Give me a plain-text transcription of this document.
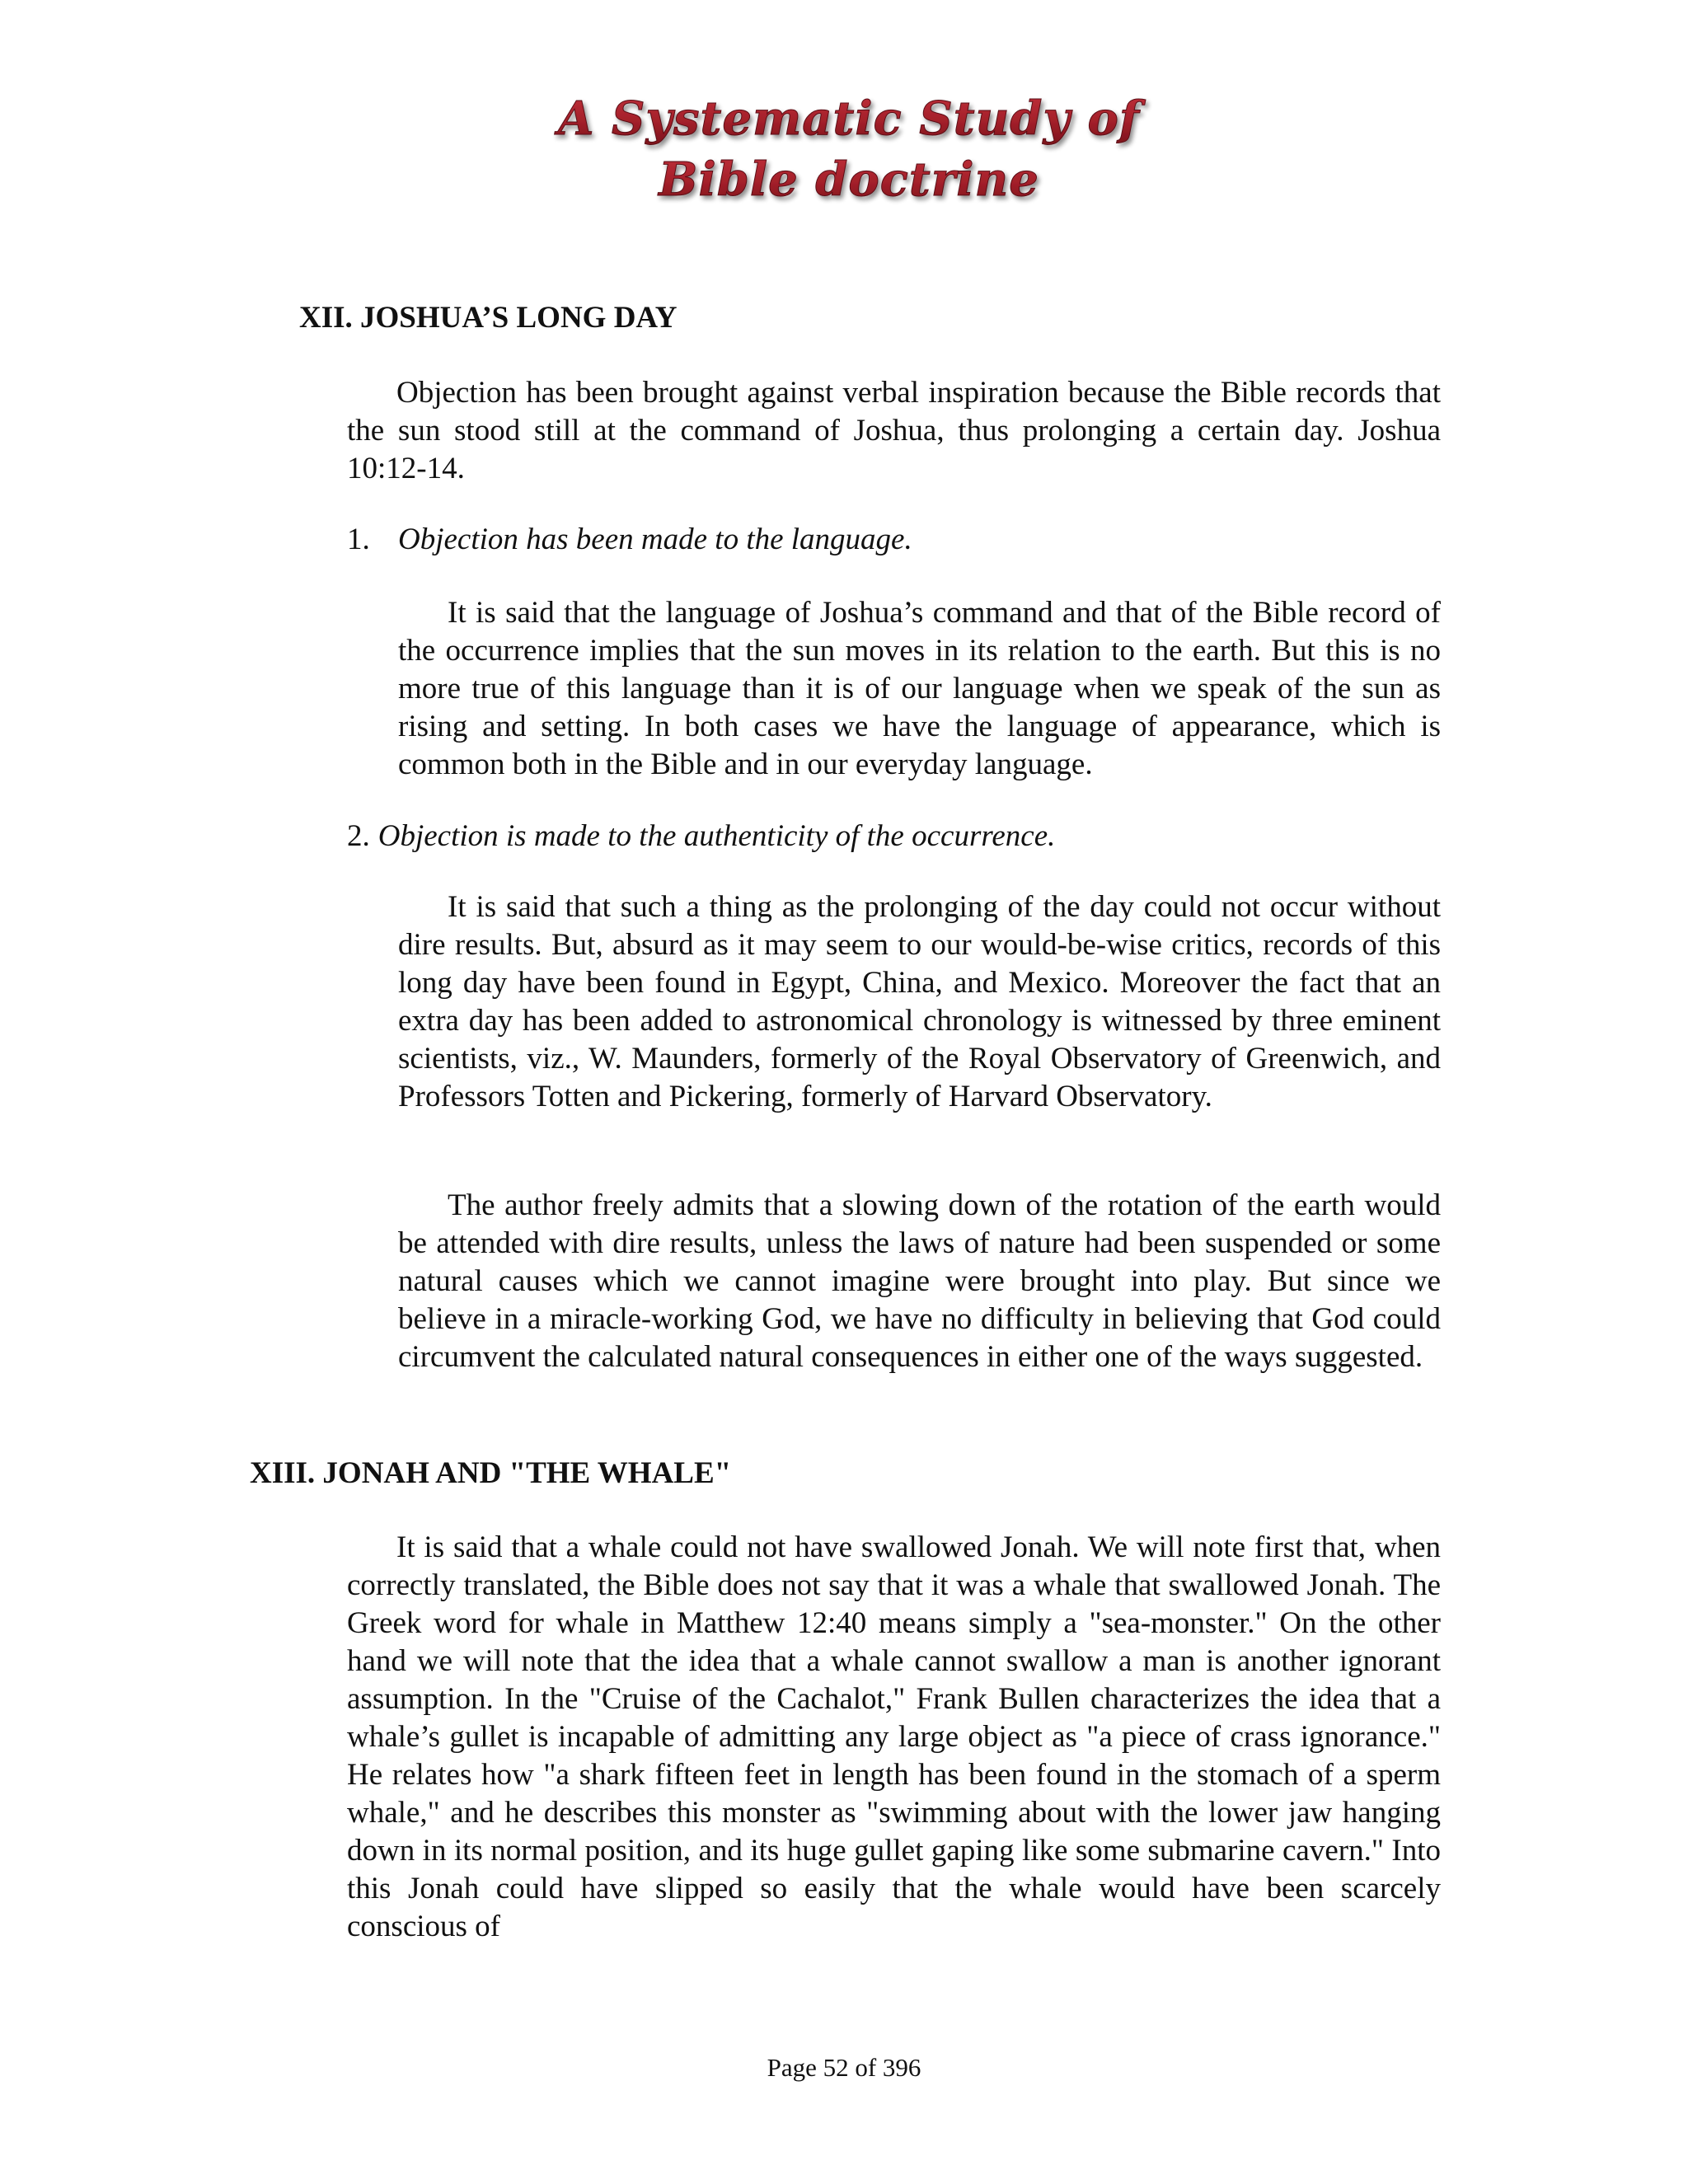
A Systematic Study of
Bible doctrine
XII. JOSHUA’S LONG DAY

Objection has been brought against verbal inspiration because the Bible records that the sun stood still at the command of Joshua, thus prolonging a certain day. Joshua 10:12-14.

1. Objection has been made to the language.

It is said that the language of Joshua’s command and that of the Bible record of the occurrence implies that the sun moves in its relation to the earth. But this is no more true of this language than it is of our language when we speak of the sun as rising and setting. In both cases we have the language of appearance, which is common both in the Bible and in our everyday language.

2. Objection is made to the authenticity of the occurrence.

It is said that such a thing as the prolonging of the day could not occur without dire results. But, absurd as it may seem to our would-be-wise critics, records of this long day have been found in Egypt, China, and Mexico. Moreover the fact that an extra day has been added to astronomical chronology is witnessed by three eminent scientists, viz., W. Maunders, formerly of the Royal Observatory of Greenwich, and Professors Totten and Pickering, formerly of Harvard Observatory.

The author freely admits that a slowing down of the rotation of the earth would be attended with dire results, unless the laws of nature had been suspended or some natural causes which we cannot imagine were brought into play. But since we believe in a miracle-working God, we have no difficulty in believing that God could circumvent the calculated natural consequences in either one of the ways suggested.

XIII. JONAH AND "THE WHALE"

It is said that a whale could not have swallowed Jonah. We will note first that, when correctly translated, the Bible does not say that it was a whale that swallowed Jonah. The Greek word for whale in Matthew 12:40 means simply a "sea-monster." On the other hand we will note that the idea that a whale cannot swallow a man is another ignorant assumption. In the "Cruise of the Cachalot," Frank Bullen characterizes the idea that a whale’s gullet is incapable of admitting any large object as "a piece of crass ignorance." He relates how "a shark fifteen feet in length has been found in the stomach of a sperm whale," and he describes this monster as "swimming about with the lower jaw hanging down in its normal position, and its huge gullet gaping like some submarine cavern." Into this Jonah could have slipped so easily that the whale would have been scarcely conscious of

Page 52 of 396
